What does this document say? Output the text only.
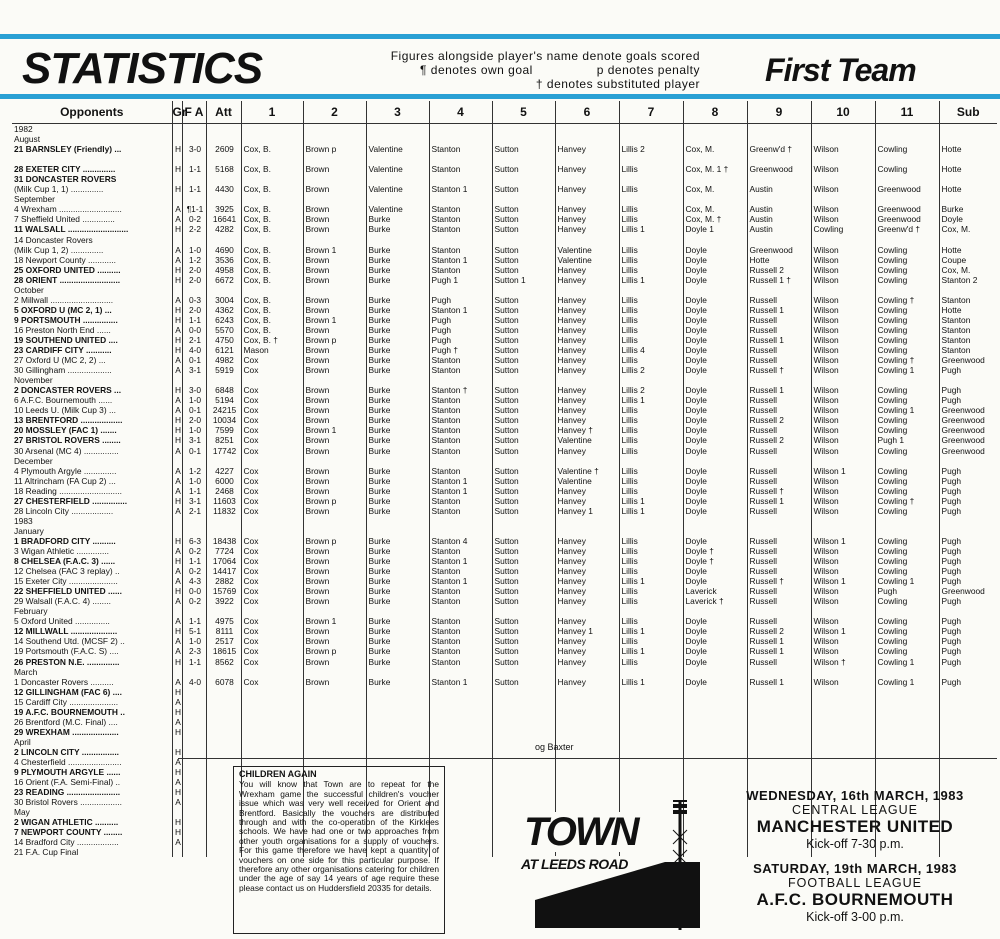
STATISTICS	Figures alongside player's name denote goals scored
¶ denotes own goal	p denotes penalty
† denotes substituted player First Team
Opponents	Gr	F A	Att	1	2	3	4	5	6	7	8	9	10	11	Sub
1982															
August															
21 BARNSLEY (Friendly) ...	H	3-0	2609	Cox, B.	Brown p	Valentine	Stanton	Sutton	Hanvey	Lillis 2	Cox, M.	Greenw'd †	Wilson	Cowling	Hotte

28 EXETER CITY ..............	H	1-1	5168	Cox, B.	Brown	Valentine	Stanton	Sutton	Hanvey	Lillis	Cox, M. 1 †	Greenwood	Wilson	Cowling	Hotte
31 DONCASTER ROVERS															
(Milk Cup 1, 1) ..............	H	1-1	4430	Cox, B.	Brown	Valentine	Stanton 1	Sutton	Hanvey	Lillis	Cox, M.	Austin	Wilson	Greenwood	Hotte
September															
4 Wrexham ...........................	A	¶1-1	3925	Cox, B.	Brown	Valentine	Stanton	Sutton	Hanvey	Lillis	Cox, M.	Austin	Wilson	Greenwood	Burke
7 Sheffield United ..............	A	0-2	16641	Cox, B.	Brown	Burke	Stanton	Sutton	Hanvey	Lillis	Cox, M. †	Austin	Wilson	Greenwood	Doyle
11 WALSALL ..........................	H	2-2	4282	Cox, B.	Brown	Burke	Stanton	Sutton	Hanvey	Lillis 1	Doyle 1	Austin	Cowling	Greenw'd †	Cox, M.
14 Doncaster Rovers															
(Milk Cup 1, 2) ..............	A	1-0	4690	Cox, B.	Brown 1	Burke	Stanton	Sutton	Valentine	Lillis	Doyle	Greenwood	Wilson	Cowling	Hotte
18 Newport County ............	A	1-2	3536	Cox, B.	Brown	Burke	Stanton 1	Sutton	Valentine	Lillis	Doyle	Hotte	Wilson	Cowling	Coupe
25 OXFORD UNITED ..........	H	2-0	4958	Cox, B.	Brown	Burke	Stanton	Sutton	Hanvey	Lillis	Doyle	Russell 2	Wilson	Cowling	Cox, M.
28 ORIENT ..........................	H	2-0	6672	Cox, B.	Brown	Burke	Pugh 1	Sutton 1	Hanvey	Lillis 1	Doyle	Russell 1 †	Wilson	Cowling	Stanton 2
October															
2 Millwall ...........................	A	0-3	3004	Cox, B.	Brown	Burke	Pugh	Sutton	Hanvey	Lillis	Doyle	Russell	Wilson	Cowling †	Stanton
5 OXFORD U (MC 2, 1) ...	H	2-0	4362	Cox, B.	Brown	Burke	Stanton 1	Sutton	Hanvey	Lillis	Doyle	Russell 1	Wilson	Cowling	Hotte
9 PORTSMOUTH ...............	H	1-1	6243	Cox, B.	Brown 1	Burke	Pugh	Sutton	Hanvey	Lillis	Doyle	Russell	Wilson	Cowling	Stanton
16 Preston North End ......	A	0-0	5570	Cox, B.	Brown	Burke	Pugh	Sutton	Hanvey	Lillis	Doyle	Russell	Wilson	Cowling	Stanton
19 SOUTHEND UNITED ....	H	2-1	4750	Cox, B. †	Brown p	Burke	Pugh	Sutton	Hanvey	Lillis	Doyle	Russell 1	Wilson	Cowling	Stanton
23 CARDIFF CITY ...........	H	4-0	6121	Mason	Brown	Burke	Pugh †	Sutton	Hanvey	Lillis 4	Doyle	Russell	Wilson	Cowling	Stanton
27 Oxford U (MC 2, 2) ...	A	0-1	4982	Cox	Brown	Burke	Stanton	Sutton	Hanvey	Lillis	Doyle	Russell	Wilson	Cowling †	Greenwood
30 Gillingham ...................	A	3-1	5919	Cox	Brown	Burke	Stanton	Sutton	Hanvey	Lillis 2	Doyle	Russell †	Wilson	Cowling 1	Pugh
November															
2 DONCASTER ROVERS ...	H	3-0	6848	Cox	Brown	Burke	Stanton †	Sutton	Hanvey	Lillis 2	Doyle	Russell 1	Wilson	Cowling	Pugh
6 A.F.C. Bournemouth ......	A	1-0	5194	Cox	Brown	Burke	Stanton	Sutton	Hanvey	Lillis 1	Doyle	Russell	Wilson	Cowling	Pugh
10 Leeds U. (Milk Cup 3) ...	A	0-1	24215	Cox	Brown	Burke	Stanton	Sutton	Hanvey	Lillis	Doyle	Russell	Wilson	Cowling 1	Greenwood
13 BRENTFORD ..................	H	2-0	10034	Cox	Brown	Burke	Stanton	Sutton	Hanvey	Lillis	Doyle	Russell 2	Wilson	Cowling	Greenwood
20 MOSSLEY (FAC 1) .......	H	1-0	7599	Cox	Brown 1	Burke	Stanton	Sutton	Hanvey †	Lillis	Doyle	Russell	Wilson	Cowling	Greenwood
27 BRISTOL ROVERS ........	H	3-1	8251	Cox	Brown	Burke	Stanton	Sutton	Valentine	Lillis	Doyle	Russell 2	Wilson	Pugh 1	Greenwood
30 Arsenal (MC 4) ...............	A	0-1	17742	Cox	Brown	Burke	Stanton	Sutton	Hanvey	Lillis	Doyle	Russell	Wilson	Cowling	Greenwood
December															
4 Plymouth Argyle ..............	A	1-2	4227	Cox	Brown	Burke	Stanton	Sutton	Valentine †	Lillis	Doyle	Russell	Wilson 1	Cowling	Pugh
11 Altrincham (FA Cup 2) ...	A	1-0	6000	Cox	Brown	Burke	Stanton 1	Sutton	Valentine	Lillis	Doyle	Russell	Wilson	Cowling	Pugh
18 Reading ...........................	A	1-1	2468	Cox	Brown	Burke	Stanton 1	Sutton	Hanvey	Lillis	Doyle	Russell †	Wilson	Cowling	Pugh
27 CHESTERFIELD ...............	H	3-1	11603	Cox	Brown p	Burke	Stanton	Sutton	Hanvey	Lillis 1	Doyle	Russell 1	Wilson	Cowling †	Pugh
28 Lincoln City ..................	A	2-1	11832	Cox	Brown	Burke	Stanton	Sutton	Hanvey 1	Lillis 1	Doyle	Russell	Wilson	Cowling	Pugh
1983															
January															
1 BRADFORD CITY ..........	H	6-3	18438	Cox	Brown p	Burke	Stanton 4	Sutton	Hanvey	Lillis	Doyle	Russell	Wilson 1	Cowling	Pugh
3 Wigan Athletic ..............	A	0-2	7724	Cox	Brown	Burke	Stanton	Sutton	Hanvey	Lillis	Doyle †	Russell	Wilson	Cowling	Pugh
8 CHELSEA (F.A.C. 3) ......	H	1-1	17064	Cox	Brown	Burke	Stanton 1	Sutton	Hanvey	Lillis	Doyle †	Russell	Wilson	Cowling	Pugh
12 Chelsea (FAC 3 replay) ..	A	0-2	14417	Cox	Brown	Burke	Stanton	Sutton	Hanvey	Lillis	Doyle	Russell	Wilson	Cowling	Pugh
15 Exeter City .....................	A	4-3	2882	Cox	Brown	Burke	Stanton 1	Sutton	Hanvey	Lillis 1	Doyle	Russell †	Wilson 1	Cowling 1	Pugh
22 SHEFFIELD UNITED ......	H	0-0	15769	Cox	Brown	Burke	Stanton	Sutton	Hanvey	Lillis	Laverick	Russell	Wilson	Pugh	Greenwood
29 Walsall (F.A.C. 4) ........	A	0-2	3922	Cox	Brown	Burke	Stanton	Sutton	Hanvey	Lillis	Laverick †	Russell	Wilson	Cowling	Pugh
February															
5 Oxford United ...............	A	1-1	4975	Cox	Brown 1	Burke	Stanton	Sutton	Hanvey	Lillis	Doyle	Russell	Wilson	Cowling	Pugh
12 MILLWALL ....................	H	5-1	8111	Cox	Brown	Burke	Stanton	Sutton	Hanvey 1	Lillis 1	Doyle	Russell 2	Wilson 1	Cowling	Pugh
14 Southend Utd. (MCSF 2) ..	A	1-0	2517	Cox	Brown	Burke	Stanton	Sutton	Hanvey	Lillis	Doyle	Russell 1	Wilson	Cowling	Pugh
19 Portsmouth (F.A.C. S) ....	A	2-3	18615	Cox	Brown p	Burke	Stanton	Sutton	Hanvey	Lillis 1	Doyle	Russell 1	Wilson	Cowling	Pugh
26 PRESTON N.E. ..............	H	1-1	8562	Cox	Brown	Burke	Stanton	Sutton	Hanvey	Lillis	Doyle	Russell	Wilson †	Cowling 1	Pugh
March															
1 Doncaster Rovers ..........	A	4-0	6078	Cox	Brown	Burke	Stanton 1	Sutton	Hanvey	Lillis 1	Doyle	Russell 1	Wilson	Cowling 1	Pugh
12 GILLINGHAM (FAC 6) ....	H														
15 Cardiff City .....................	A														
19 A.F.C. BOURNEMOUTH ..	H														
26 Brentford (M.C. Final) ....	A														
29 WREXHAM ....................	H														
April															
2 LINCOLN CITY ................	H														
4 Chesterfield .......................	A														
9 PLYMOUTH ARGYLE ......	H														
16 Orient (F.A. Semi-Final) ..	A														
23 READING .......................	H														
30 Bristol Rovers ..................	A														
May															
2 WIGAN ATHLETIC ..........	H														
7 NEWPORT COUNTY ........	H														
14 Bradford City ..................	A														
21 F.A. Cup Final															
og Baxter
CHILDREN AGAIN
You will know that Town are to repeat for the Wrexham game the successful children's voucher issue which was very well received for Orient and Brentford. Basically the vouchers are distributed through and with the co-operation of the Kirklees schools. We have had one or two approaches from other youth organisations for a supply of vouchers. For this game therefore we have kept a quantity of vouchers on one side for this particular purpose. If therefore any other organisations catering for children under the age of say 14 years of age require these please contact us on Huddersfield 20335 for details.
TOWN
AT LEEDS ROAD
WEDNESDAY, 16th MARCH, 1983
CENTRAL LEAGUE
MANCHESTER UNITED
Kick-off 7-30 p.m.
SATURDAY, 19th MARCH, 1983
FOOTBALL LEAGUE
A.F.C. BOURNEMOUTH
Kick-off 3-00 p.m.
